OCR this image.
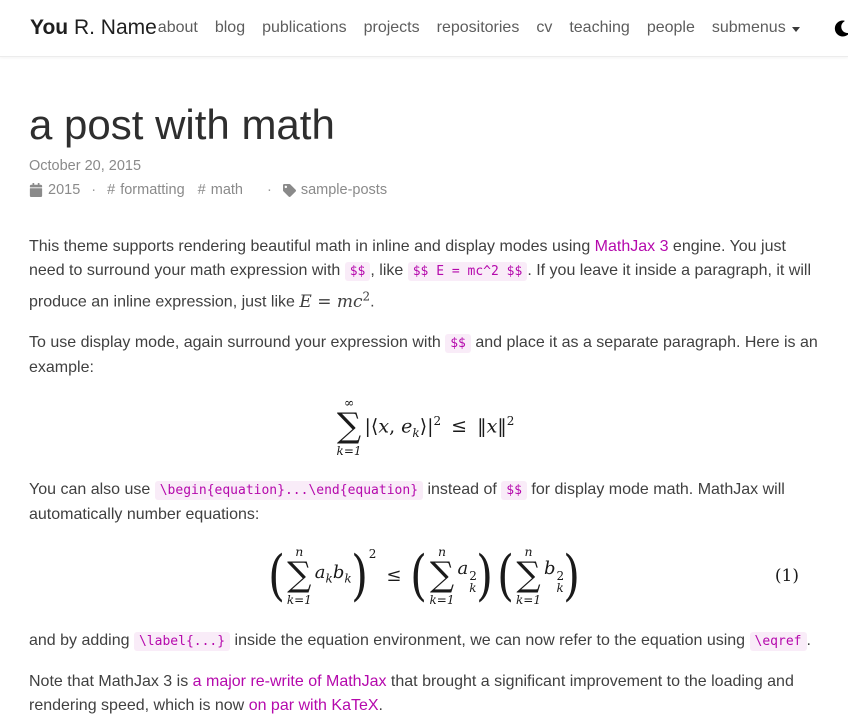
You R. Name about blog publications projects repositories cv teaching people submenus
a post with math
October 20, 2015
2015 · # formatting # math · sample-posts

This theme supports rendering beautiful math in inline and display modes using MathJax 3 engine. You just need to surround your math expression with $$ , like $$ E = mc^2 $$ . If you leave it inside a paragraph, it will produce an inline expression, just like $E = mc^2$.

To use display mode, again surround your expression with $$ and place it as a separate paragraph. Here is an example:

∞
∑
k=1
|⟨x, $e_k⟩|^2$ ≤ ‖x‖$^2$

You can also use \begin{equation}...\end{equation} instead of $$ for display mode math. MathJax will automatically number equations:

( n
∑
k=1
$a_kb_k$ )$^2$
≤ ( n
∑
k=1
a 2
k ) ( n
∑
k=1
b 2
k )	(1)

and by adding \label{...} inside the equation environment, we can now refer to the equation using \eqref .

Note that MathJax 3 is a major re-write of MathJax that brought a significant improvement to the loading and rendering speed, which is now on par with KaTeX.
